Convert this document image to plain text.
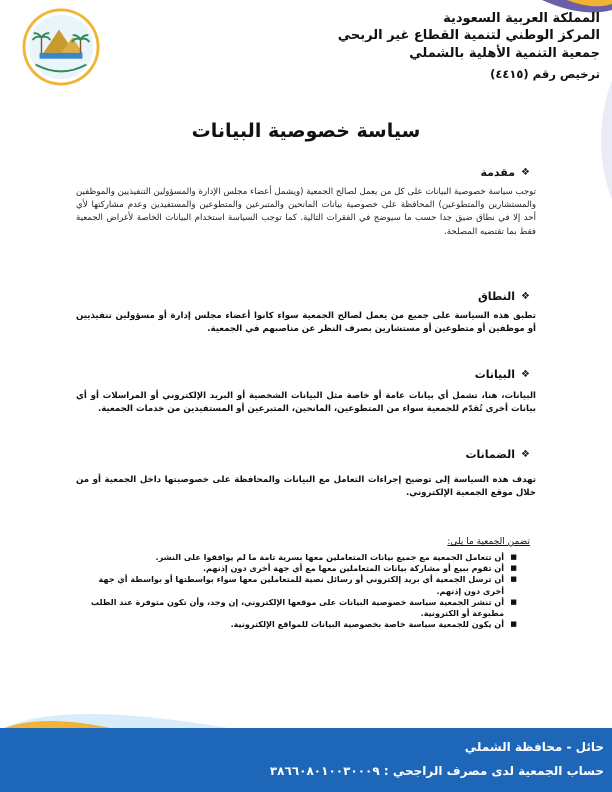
المملكة العربية السعودية
المركز الوطني لتنمية القطاع غير الربحي
جمعية التنمية الأهلية بالشملي
ترخيص رقم (٤٤١٥)
سياسة خصوصية البيانات
❖
مقدمة
توجب سياسة خصوصية البيانات على كل من يعمل لصالح الجمعية (ويشمل أعضاء مجلس الإدارة والمسؤولين التنفيذيين والموظفين والمستشارين والمتطوعين) المحافظة على خصوصية بيانات المانحين والمتبرعين والمتطوعين والمستفيدين وعدم مشاركتها لأي أحد إلا في نطاق ضيق جدا حسب ما سيوضح في الفقرات التالية. كما توجب السياسة استخدام البيانات الخاصة لأغراض الجمعية فقط بما تقتضيه المصلحة.
❖
النطاق
تطبق هذه السياسة على جميع من يعمل لصالح الجمعية سواء كانوا أعضاء مجلس إدارة أو مسؤولين تنفيذيين أو موظفين أو متطوعين أو مستشارين بصرف النظر عن مناصبهم في الجمعية.
❖
البيانات
البيانات، هنا، تشمل أي بيانات عامة أو خاصة مثل البيانات الشخصية أو البريد الإلكتروني أو المراسلات أو أي بيانات أخرى تُقدّم للجمعية سواء من المتطوعين، المانحين، المتبرعين أو المستفيدين من خدمات الجمعية.
❖
الضمانات
تهدف هذه السياسة إلى توضيح إجراءات التعامل مع البيانات والمحافظة على خصوصيتها داخل الجمعية أو من خلال موقع الجمعية الإلكتروني.
تضمن الجمعية ما يلي:
■
أن تتعامل الجمعية مع جميع بيانات المتعاملين معها بسرية تامة ما لم يوافقوا على النشر.
■
أن تقوم ببيع أو مشاركة بيانات المتعاملين معها مع أي جهة أخرى دون إذنهم.
■
أن ترسل الجمعية أي بريد إلكتروني أو رسائل نصية للمتعاملين معها سواء بواسطتها أو بواسطة أي جهة أخرى دون إذنهم.
■
أن تنشر الجمعية سياسة خصوصية البيانات على موقعها الإلكتروني، إن وجد، وأن تكون متوفرة عند الطلب مطبوعة أو الكترونية.
■
أن يكون للجمعية سياسة خاصة بخصوصية البيانات للمواقع الإلكترونية.
حائل - محافظة الشملي
حساب الجمعية لدى مصرف الراجحي : ٣٨٦٦٠٨٠١٠٠٣٠٠٠٩
